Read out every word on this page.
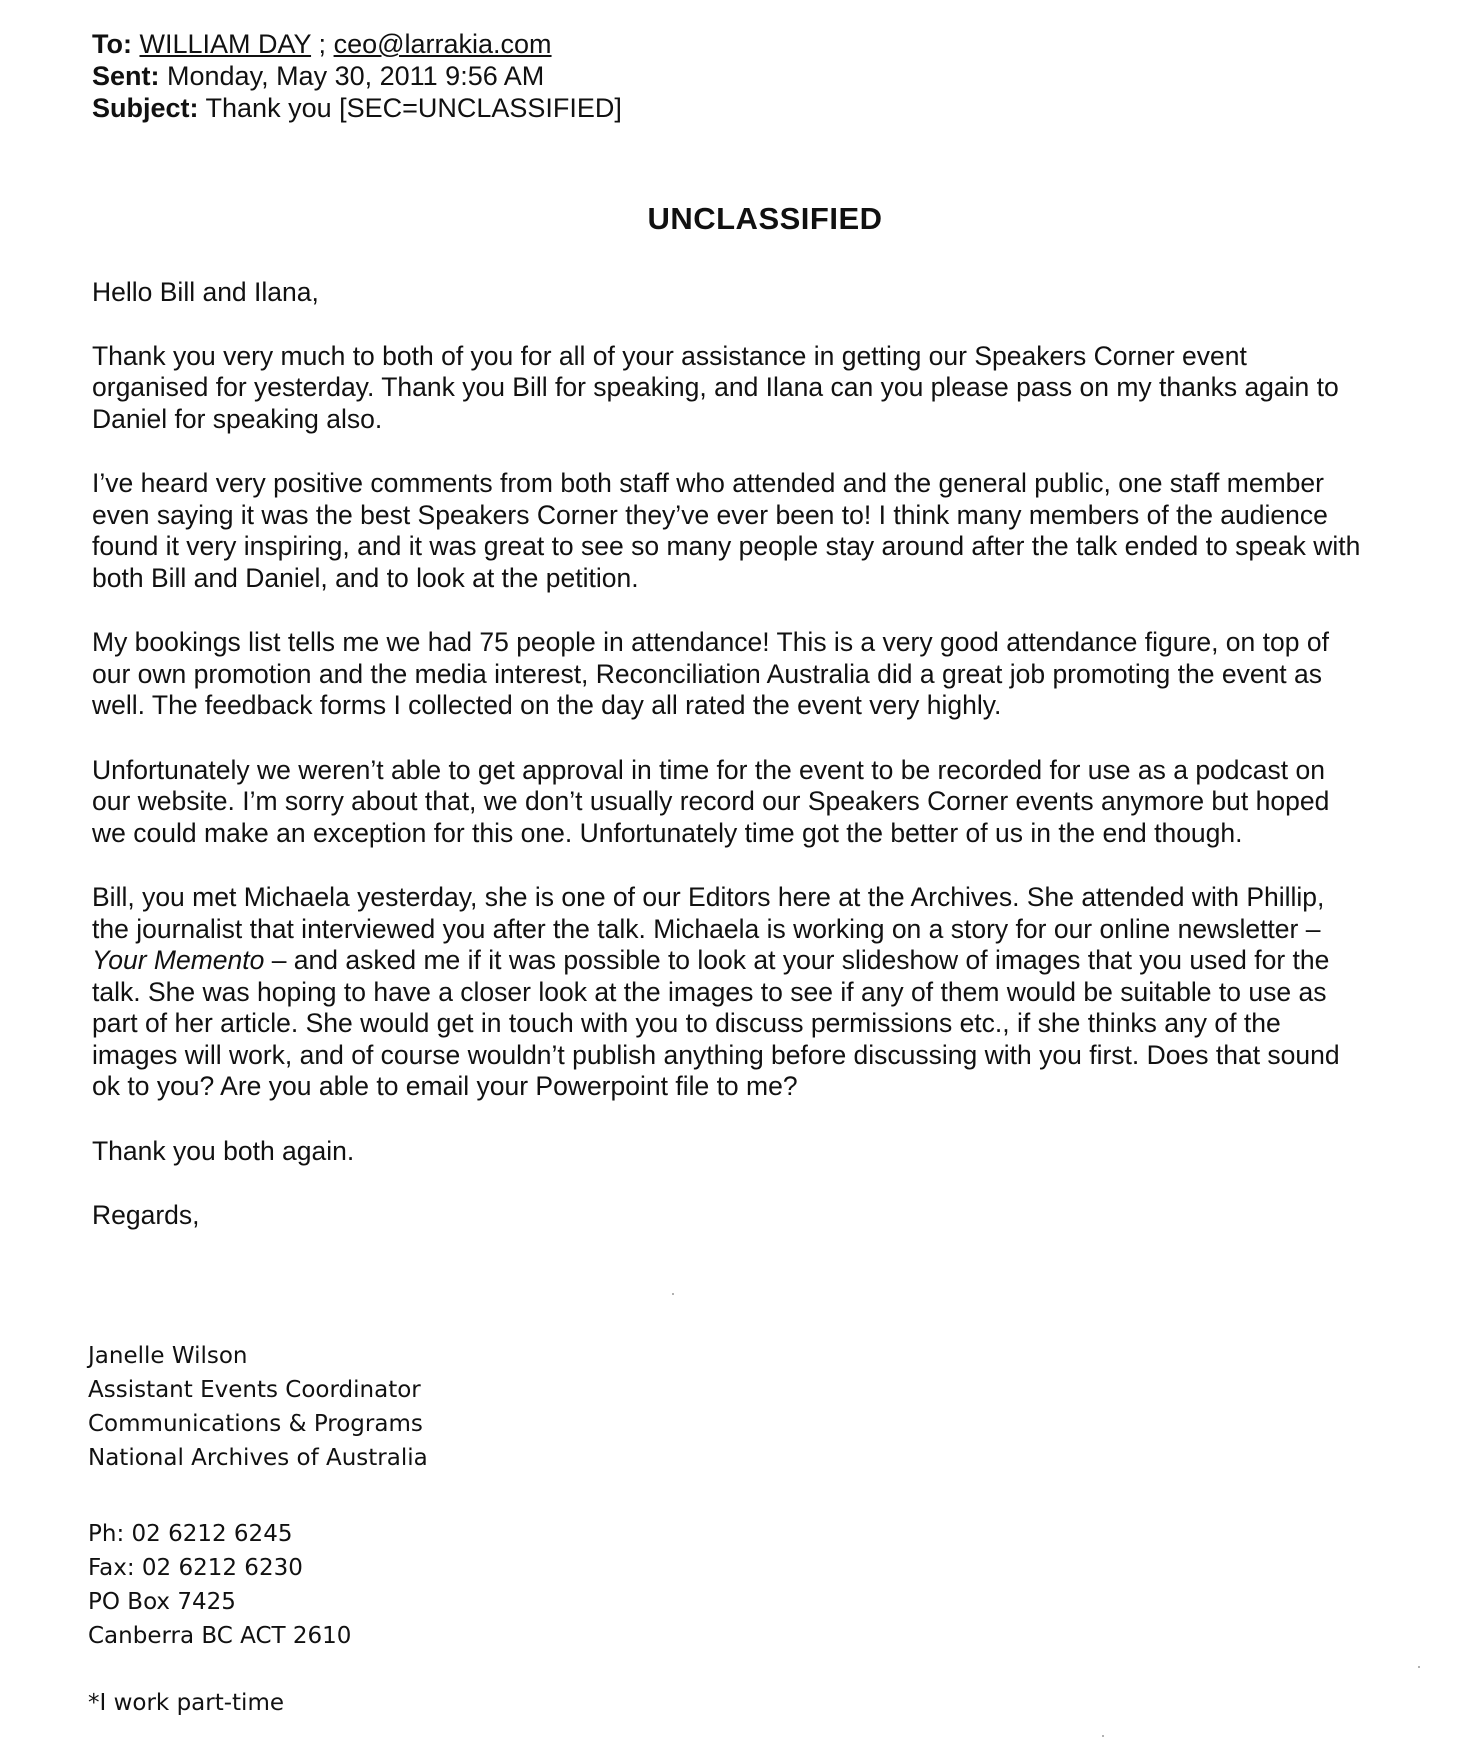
To: WILLIAM DAY ; ceo@larrakia.com
Sent: Monday, May 30, 2011 9:56 AM
Subject: Thank you [SEC=UNCLASSIFIED]
UNCLASSIFIED

Hello Bill and Ilana,

Thank you very much to both of you for all of your assistance in getting our Speakers Corner event
organised for yesterday. Thank you Bill for speaking, and Ilana can you please pass on my thanks again to
Daniel for speaking also.

I’ve heard very positive comments from both staff who attended and the general public, one staff member
even saying it was the best Speakers Corner they’ve ever been to! I think many members of the audience
found it very inspiring, and it was great to see so many people stay around after the talk ended to speak with
both Bill and Daniel, and to look at the petition.

My bookings list tells me we had 75 people in attendance! This is a very good attendance figure, on top of
our own promotion and the media interest, Reconciliation Australia did a great job promoting the event as
well. The feedback forms I collected on the day all rated the event very highly.

Unfortunately we weren’t able to get approval in time for the event to be recorded for use as a podcast on
our website. I’m sorry about that, we don’t usually record our Speakers Corner events anymore but hoped
we could make an exception for this one. Unfortunately time got the better of us in the end though.

Bill, you met Michaela yesterday, she is one of our Editors here at the Archives. She attended with Phillip,
the journalist that interviewed you after the talk. Michaela is working on a story for our online newsletter –
Your Memento – and asked me if it was possible to look at your slideshow of images that you used for the
talk. She was hoping to have a closer look at the images to see if any of them would be suitable to use as
part of her article. She would get in touch with you to discuss permissions etc., if she thinks any of the
images will work, and of course wouldn’t publish anything before discussing with you first. Does that sound
ok to you? Are you able to email your Powerpoint file to me?

Thank you both again.

Regards,

Janelle Wilson
Assistant Events Coordinator
Communications & Programs
National Archives of Australia
Ph: 02 6212 6245
Fax: 02 6212 6230
PO Box 7425
Canberra BC ACT 2610
*I work part-time
